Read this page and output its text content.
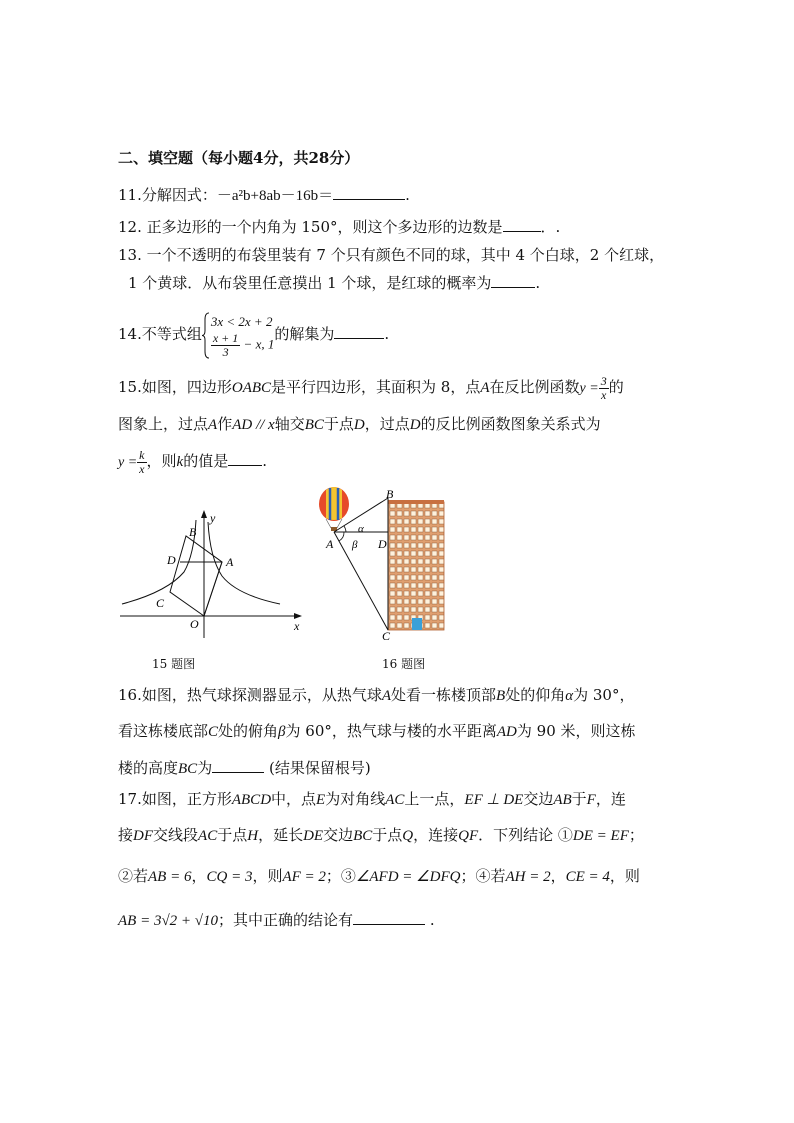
二、填空题（每小题4分，共28分）
11.分解因式：－a²b+8ab－16b＝	.
12. 正多边形的一个内角为 150°，则这个多边形的边数是	．.
13. 一个不透明的布袋里装有 7 个只有颜色不同的球，其中 4 个白球，2 个红球，
1 个黄球．从布袋里任意摸出 1 个球，是红球的概率为	.
14.不等式组
3x < 2x + 2
$\frac{x + 1}{3} - x$, 1
的解集为	.
15.如图，四边形OABC是平行四边形，其面积为 8，点A在反比例函数$y = \frac{3}{x}$ 的
图象上，过点A作AD // x轴交BC于点D，过点D的反比例函数图象关系式为
$y = \frac{k}{x}$ ，则k的值是 .
y
x
B
D	A
C
O
15 题图
B
A	D
C
α
β
16 题图
16.如图，热气球探测器显示，从热气球A处看一栋楼顶部B处的仰角α为 30°，
看这栋楼底部C处的俯角β为 60°，热气球与楼的水平距离AD为 90 米，则这栋
楼的高度BC为	(结果保留根号)
17.如图，正方形ABCD中，点E为对角线AC上一点，EF ⊥ DE交边AB于F，连
接DF交线段AC于点H，延长DE交边BC于点Q，连接QF．下列结论 ①DE = EF；
②若AB = 6，CQ = 3，则AF = 2；③∠AFD = ∠DFQ；④若AH = 2，CE = 4，则
AB = 3√2 + √10；其中正确的结论有	.
